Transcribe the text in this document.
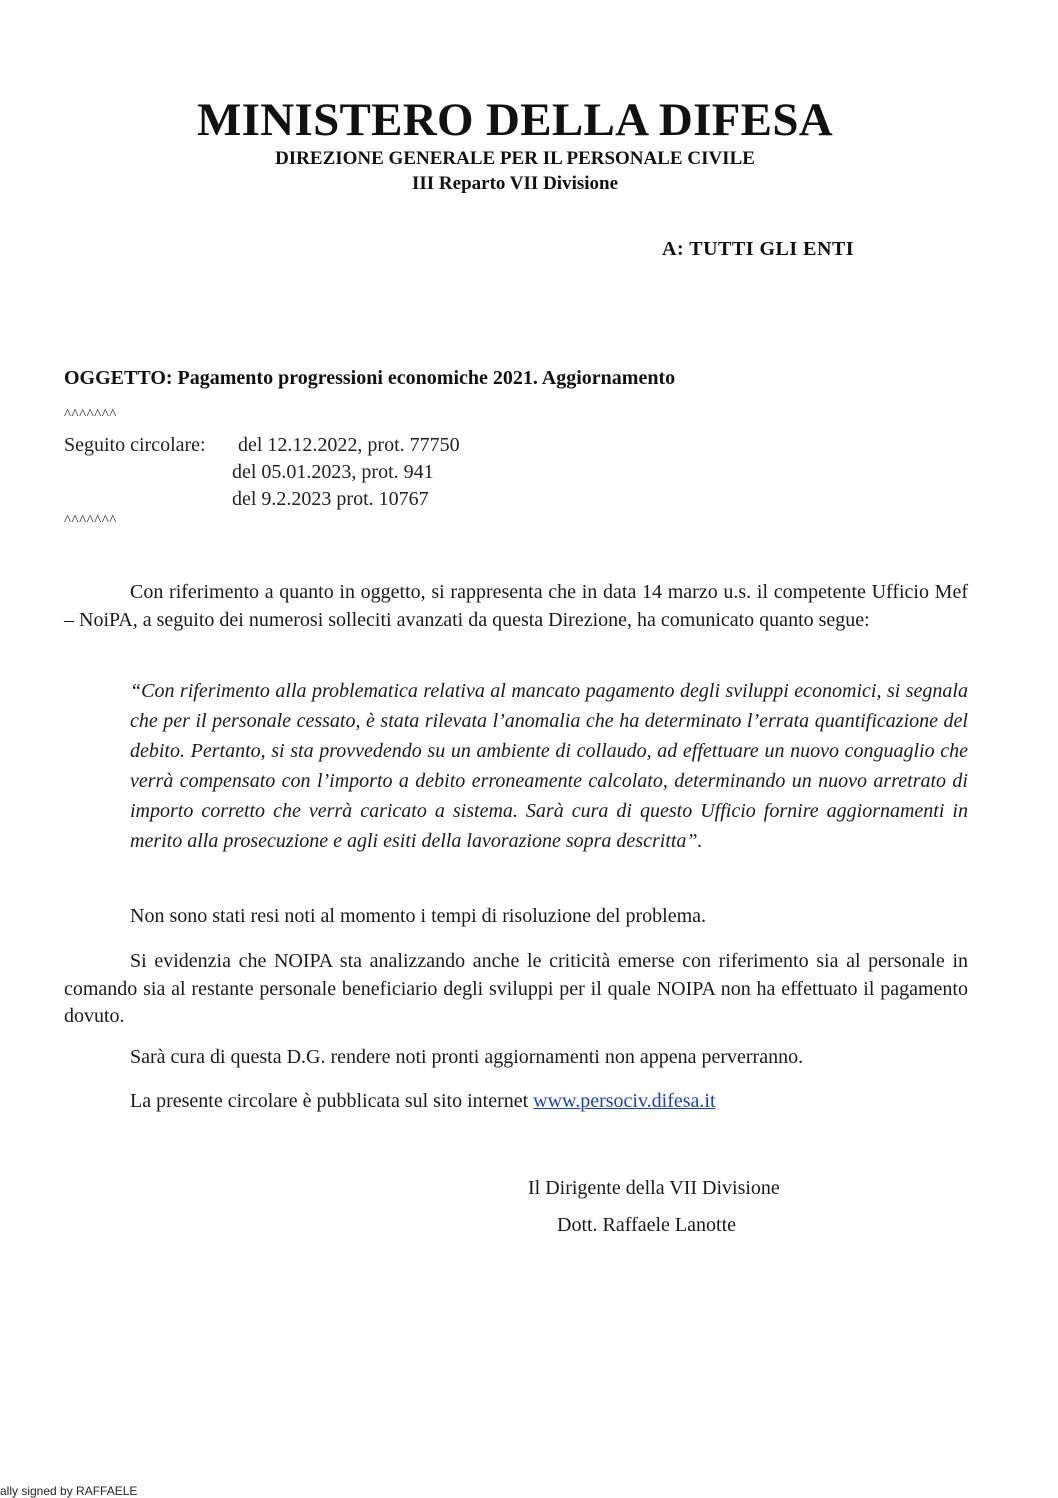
MINISTERO DELLA DIFESA
DIREZIONE GENERALE PER IL PERSONALE CIVILE
III Reparto VII Divisione
A: TUTTI GLI ENTI
OGGETTO: Pagamento progressioni economiche 2021. Aggiornamento
^^^^^^^
Seguito circolare: del 12.12.2022, prot. 77750
del 05.01.2023, prot. 941
del 9.2.2023 prot. 10767
^^^^^^^

Con riferimento a quanto in oggetto, si rappresenta che in data 14 marzo u.s. il competente Ufficio Mef – NoiPA, a seguito dei numerosi solleciti avanzati da questa Direzione, ha comunicato quanto segue:

“Con riferimento alla problematica relativa al mancato pagamento degli sviluppi economici, si segnala che per il personale cessato, è stata rilevata l’anomalia che ha determinato l’errata quantificazione del debito. Pertanto, si sta provvedendo su un ambiente di collaudo, ad effettuare un nuovo conguaglio che verrà compensato con l’importo a debito erroneamente calcolato, determinando un nuovo arretrato di importo corretto che verrà caricato a sistema. Sarà cura di questo Ufficio fornire aggiornamenti in merito alla prosecuzione e agli esiti della lavorazione sopra descritta”.

Non sono stati resi noti al momento i tempi di risoluzione del problema.

Si evidenzia che NOIPA sta analizzando anche le criticità emerse con riferimento sia al personale in comando sia al restante personale beneficiario degli sviluppi per il quale NOIPA non ha effettuato il pagamento dovuto.

Sarà cura di questa D.G. rendere noti pronti aggiornamenti non appena perverranno.

La presente circolare è pubblicata sul sito internet www.persociv.difesa.it

Il Dirigente della VII Divisione
Dott. Raffaele Lanotte
ally signed by RAFFAELE
